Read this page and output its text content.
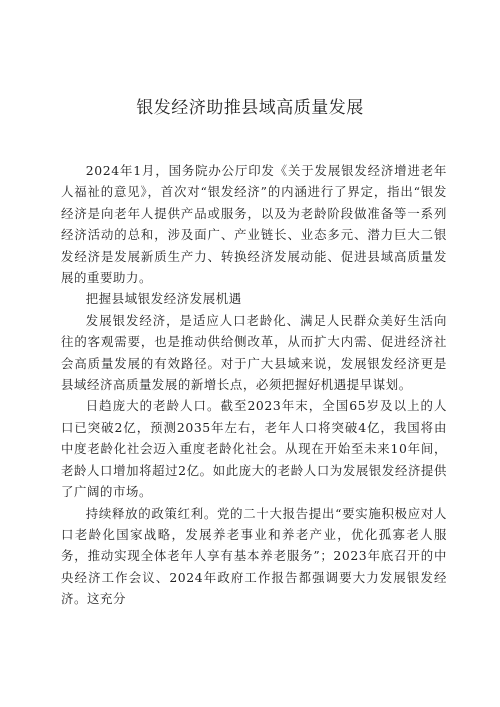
银发经济助推县域高质量发展

2024年1月，国务院办公厅印发《关于发展银发经济增进老年人福祉的意见》，首次对“银发经济”的内涵进行了界定，指出“银发经济是向老年人提供产品或服务，以及为老龄阶段做准备等一系列经济活动的总和，涉及面广、产业链长、业态多元、潜力巨大二银发经济是发展新质生产力、转换经济发展动能、促进县域高质量发展的重要助力。

把握县域银发经济发展机遇

发展银发经济，是适应人口老龄化、满足人民群众美好生活向往的客观需要，也是推动供给侧改革，从而扩大内需、促进经济社会高质量发展的有效路径。对于广大县域来说，发展银发经济更是县域经济高质量发展的新增长点，必须把握好机遇提早谋划。

日趋庞大的老龄人口。截至2023年末，全国65岁及以上的人口已突破2亿，预测2035年左右，老年人口将突破4亿，我国将由中度老龄化社会迈入重度老龄化社会。从现在开始至未来10年间，老龄人口增加将超过2亿。如此庞大的老龄人口为发展银发经济提供了广阔的市场。

持续释放的政策红利。党的二十大报告提出“要实施积极应对人口老龄化国家战略，发展养老事业和养老产业，优化孤寡老人服务，推动实现全体老年人享有基本养老服务”；2023年底召开的中央经济工作会议、2024年政府工作报告都强调要大力发展银发经济。这充分
